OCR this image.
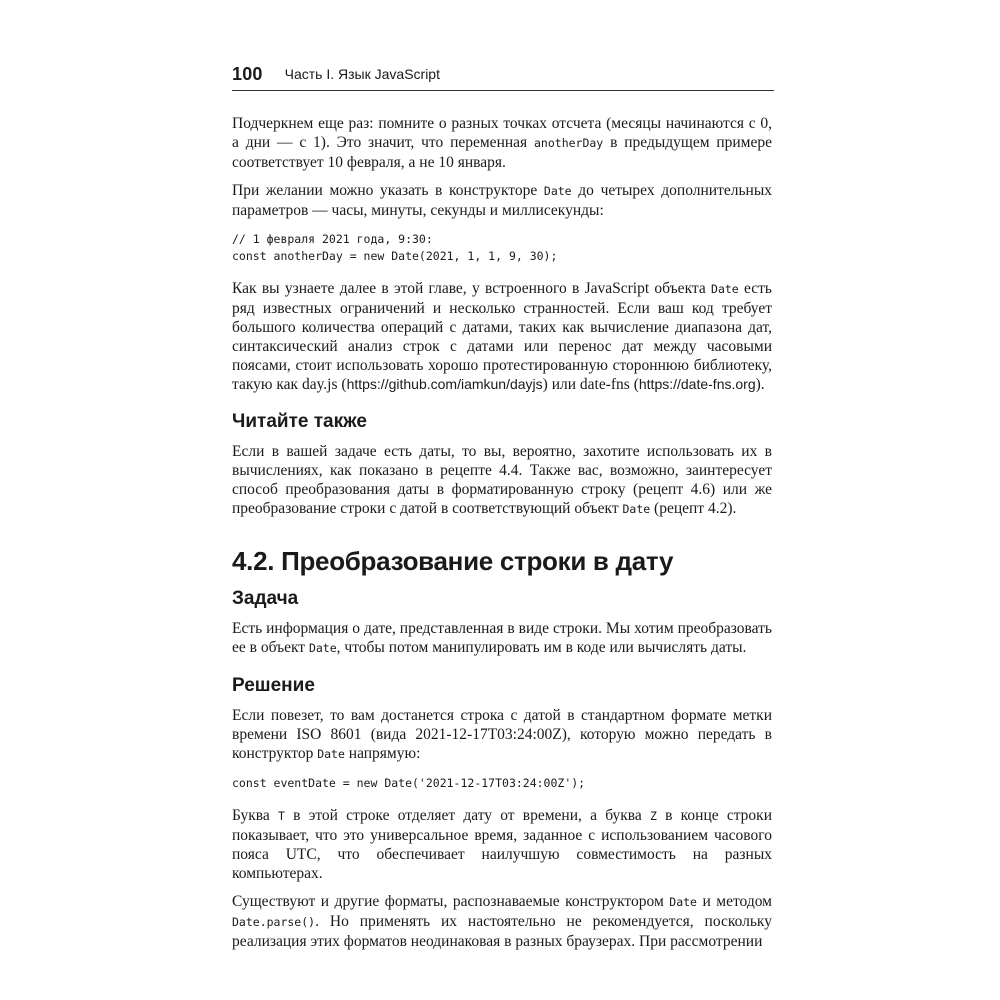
100 Часть I. Язык JavaScript

Подчеркнем еще раз: помните о разных точках отсчета (месяцы начинаются с 0, а дни — с 1). Это значит, что переменная anotherDay в предыдущем примере соответствует 10 февраля, а не 10 января.

При желании можно указать в конструкторе Date до четырех дополнительных параметров — часы, минуты, секунды и миллисекунды:

// 1 февраля 2021 года, 9:30:
const anotherDay = new Date(2021, 1, 1, 9, 30);

Как вы узнаете далее в этой главе, у встроенного в JavaScript объекта Date есть ряд известных ограничений и несколько странностей. Если ваш код требует большого количества операций с датами, таких как вычисление диапазона дат, синтаксический анализ строк с датами или перенос дат между часовыми поясами, стоит использовать хорошо протестированную стороннюю библиотеку, такую как day.js (https://github.com/iamkun/dayjs) или date-fns (https://date-fns.org).

Читайте также

Если в вашей задаче есть даты, то вы, вероятно, захотите использовать их в вычислениях, как показано в рецепте 4.4. Также вас, возможно, заинтересует способ преобразования даты в форматированную строку (рецепт 4.6) или же преобразование строки с датой в соответствующий объект Date (рецепт 4.2).

4.2. Преобразование строки в дату
Задача

Есть информация о дате, представленная в виде строки. Мы хотим преобразовать ее в объект Date, чтобы потом манипулировать им в коде или вычислять даты.

Решение

Если повезет, то вам достанется строка с датой в стандартном формате метки времени ISO 8601 (вида 2021-12-17T03:24:00Z), которую можно передать в конструктор Date напрямую:

const eventDate = new Date('2021-12-17T03:24:00Z');

Буква T в этой строке отделяет дату от времени, а буква Z в конце строки показывает, что это универсальное время, заданное с использованием часового пояса UTC, что обеспечивает наилучшую совместимость на разных компьютерах.

Существуют и другие форматы, распознаваемые конструктором Date и методом Date.parse(). Но применять их настоятельно не рекомендуется, поскольку реализация этих форматов неодинаковая в разных браузерах. При рассмотрении
